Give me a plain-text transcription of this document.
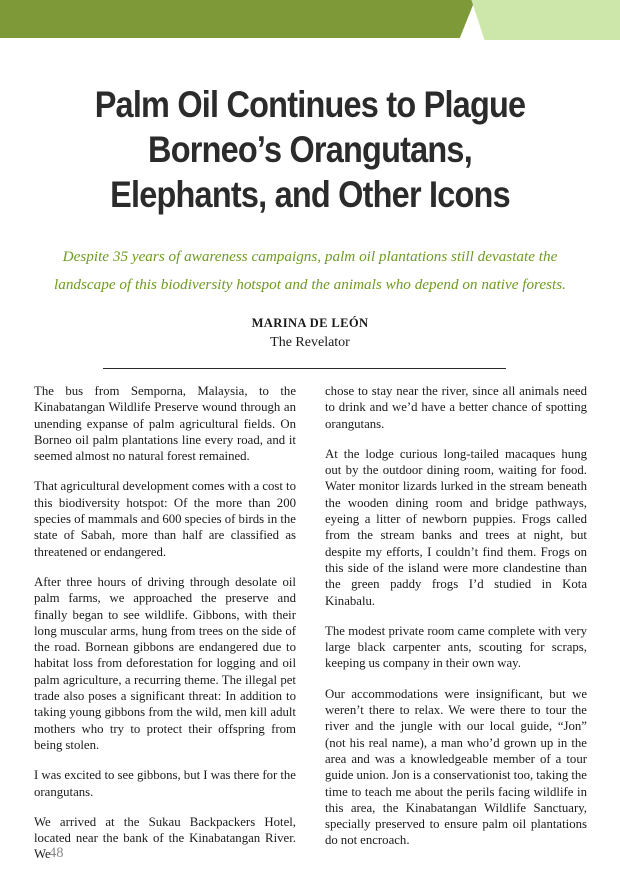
Palm Oil Continues to Plague Borneo’s Orangutans, Elephants, and Other Icons
Despite 35 years of awareness campaigns, palm oil plantations still devastate the landscape of this biodiversity hotspot and the animals who depend on native forests.
MARINA DE LEÓN
The Revelator

The bus from Semporna, Malaysia, to the Kinabatangan Wildlife Preserve wound through an unending expanse of palm agricultural fields. On Borneo oil palm plantations line every road, and it seemed almost no natural forest remained.

That agricultural development comes with a cost to this biodiversity hotspot: Of the more than 200 species of mammals and 600 species of birds in the state of Sabah, more than half are classified as threatened or endangered.

After three hours of driving through desolate oil palm farms, we approached the preserve and finally began to see wildlife. Gibbons, with their long muscular arms, hung from trees on the side of the road. Bornean gibbons are endangered due to habitat loss from deforestation for logging and oil palm agriculture, a recurring theme. The illegal pet trade also poses a significant threat: In addition to taking young gibbons from the wild, men kill adult mothers who try to protect their offspring from being stolen.

I was excited to see gibbons, but I was there for the orangutans.

We arrived at the Sukau Backpackers Hotel, located near the bank of the Kinabatangan River. We

chose to stay near the river, since all animals need to drink and we’d have a better chance of spotting orangutans.

At the lodge curious long-tailed macaques hung out by the outdoor dining room, waiting for food. Water monitor lizards lurked in the stream beneath the wooden dining room and bridge pathways, eyeing a litter of newborn puppies. Frogs called from the stream banks and trees at night, but despite my efforts, I couldn’t find them. Frogs on this side of the island were more clandestine than the green paddy frogs I’d studied in Kota Kinabalu.

The modest private room came complete with very large black carpenter ants, scouting for scraps, keeping us company in their own way.

Our accommodations were insignificant, but we weren’t there to relax. We were there to tour the river and the jungle with our local guide, “Jon” (not his real name), a man who’d grown up in the area and was a knowledgeable member of a tour guide union. Jon is a conservationist too, taking the time to teach me about the perils facing wildlife in this area, the Kinabatangan Wildlife Sanctuary, specially preserved to ensure palm oil plantations do not encroach.

48
